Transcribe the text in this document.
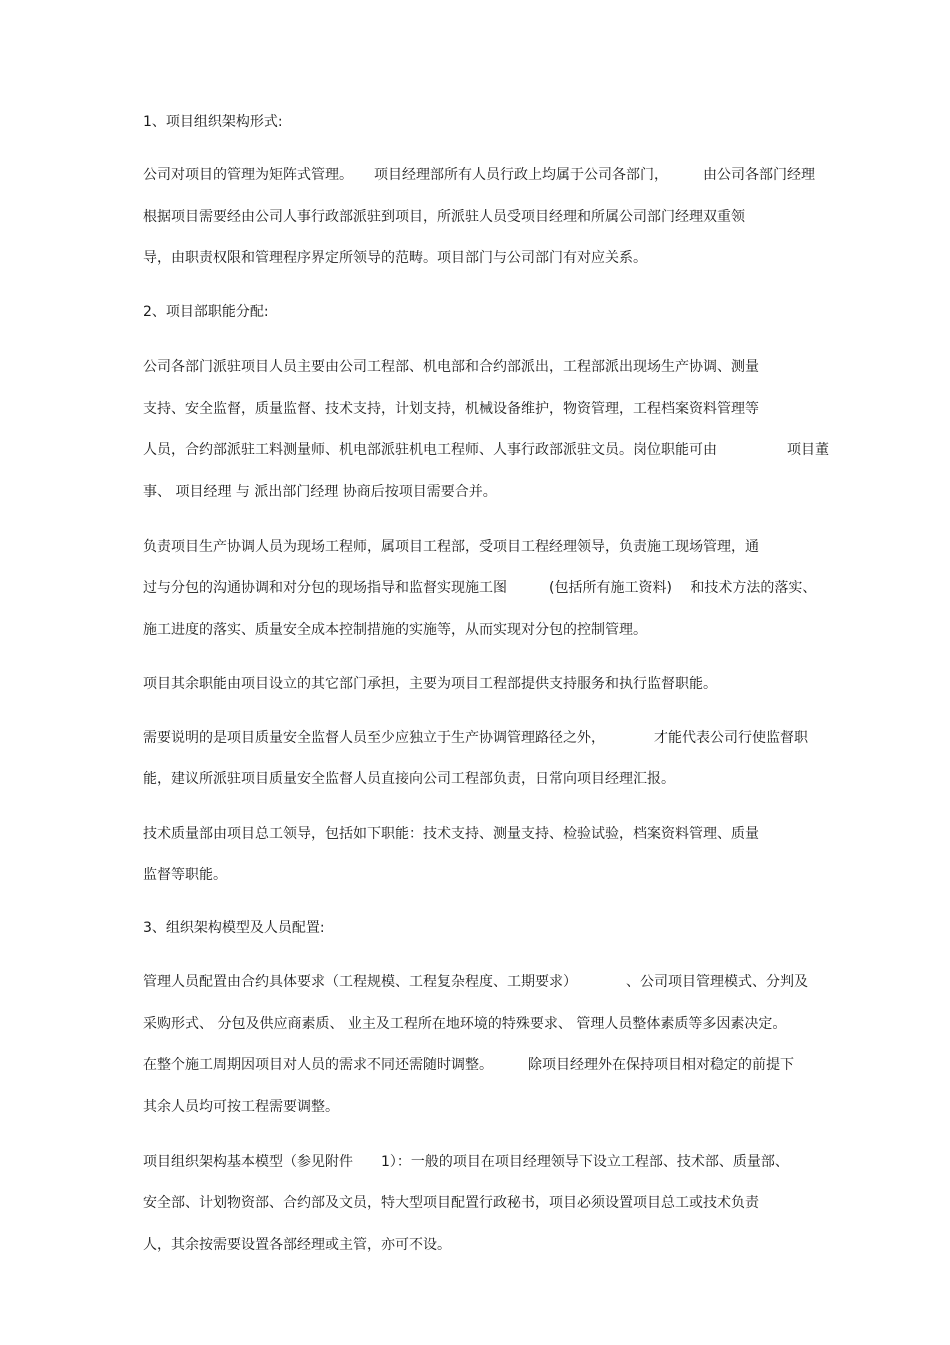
1、项目组织架构形式:
公司对项目的管理为矩阵式管理。　　项目经理部所有人员行政上均属于公司各部门，　　　由公司各部门经理
根据项目需要经由公司人事行政部派驻到项目，所派驻人员受项目经理和所属公司部门经理双重领
导，由职责权限和管理程序界定所领导的范畴。项目部门与公司部门有对应关系。
2、项目部职能分配:
公司各部门派驻项目人员主要由公司工程部、机电部和合约部派出，工程部派出现场生产协调、测量
支持、安全监督，质量监督、技术支持，计划支持，机械设备维护，物资管理，工程档案资料管理等
人员，合约部派驻工料测量师、机电部派驻机电工程师、人事行政部派驻文员。岗位职能可由　　　　　项目董
事、 项目经理 与 派出部门经理 协商后按项目需要合并。
负责项目生产协调人员为现场工程师，属项目工程部，受项目工程经理领导，负责施工现场管理，通
过与分包的沟通协调和对分包的现场指导和监督实现施工图　　　(包括所有施工资料)　 和技术方法的落实、
施工进度的落实、质量安全成本控制措施的实施等，从而实现对分包的控制管理。
项目其余职能由项目设立的其它部门承担，主要为项目工程部提供支持服务和执行监督职能。
需要说明的是项目质量安全监督人员至少应独立于生产协调管理路径之外，　　　　才能代表公司行使监督职
能，建议所派驻项目质量安全监督人员直接向公司工程部负责，日常向项目经理汇报。
技术质量部由项目总工领导，包括如下职能：技术支持、测量支持、检验试验，档案资料管理、质量
监督等职能。
3、组织架构模型及人员配置:
管理人员配置由合约具体要求（工程规模、工程复杂程度、工期要求）　　　　、公司项目管理模式、分判及
采购形式、 分包及供应商素质、 业主及工程所在地环境的特殊要求、 管理人员整体素质等多因素决定。
在整个施工周期因项目对人员的需求不同还需随时调整。　　　除项目经理外在保持项目相对稳定的前提下
其余人员均可按工程需要调整。
项目组织架构基本模型（参见附件　　1）：一般的项目在项目经理领导下设立工程部、技术部、质量部、
安全部、计划物资部、合约部及文员，特大型项目配置行政秘书，项目必须设置项目总工或技术负责
人，其余按需要设置各部经理或主管，亦可不设。
